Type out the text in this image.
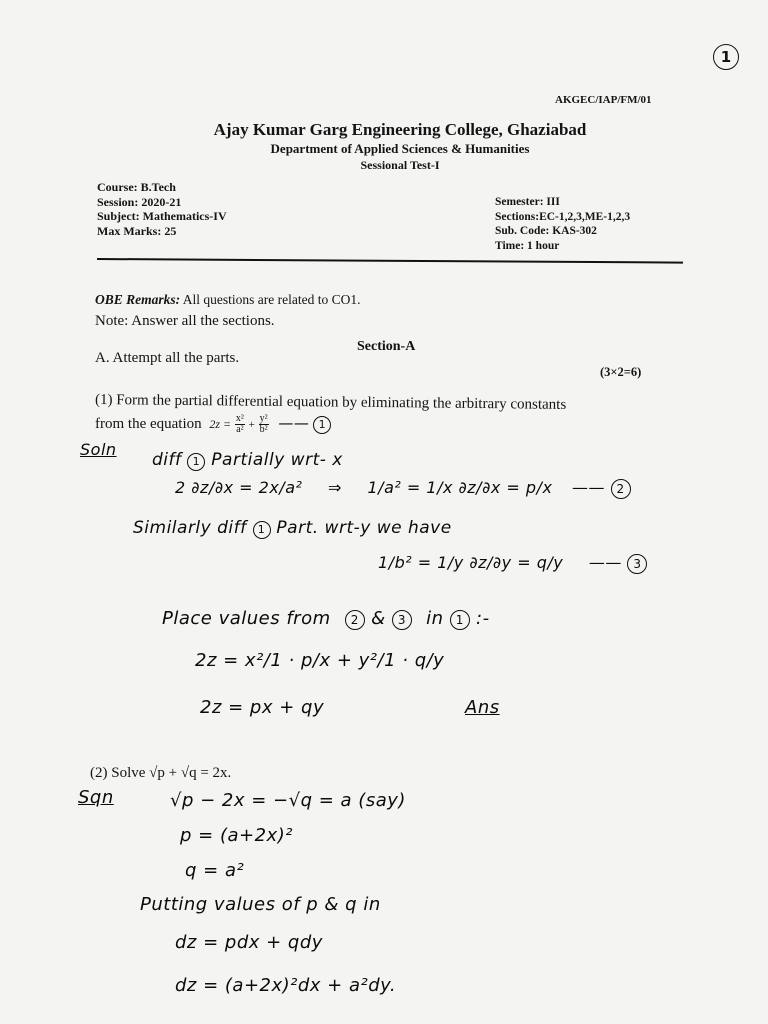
1
AKGEC/IAP/FM/01
Ajay Kumar Garg Engineering College, Ghaziabad
Department of Applied Sciences & Humanities
Sessional Test-I
Course: B.Tech
Session: 2020-21
Subject: Mathematics-IV
Max Marks: 25
Semester: III
Sections:EC-1,2,3,ME-1,2,3
Sub. Code: KAS-302
Time: 1 hour
OBE Remarks: All questions are related to CO1.
Note: Answer all the sections.
Section-A
A. Attempt all the parts.
(3×2=6)
(1) Form the partial differential equation by eliminating the arbitrary constants
from the equation $2z = \frac{\text{x²}}{\text{a²}} + \frac{\text{y²}}{\text{b²}}$ —— 1
Soln
diff 1 Partially wrt- x
2 ∂z/∂x = 2x/a² ⇒ 1/a² = 1/x ∂z/∂x = p/x —— 2
Similarly diff 1 Part. wrt-y we have
1/b² = 1/y ∂z/∂y = q/y —— 3
Place values from 2 & 3 in 1 :-
2z = x²/1 · p/x + y²/1 · q/y
2z = px + qy	Ans
(2) Solve √p + √q = 2x.
Sqn	√p − 2x = −√q = a (say)
p = (a+2x)²
q = a²
Putting values of p & q in
dz = pdx + qdy
dz = (a+2x)²dx + a²dy.
